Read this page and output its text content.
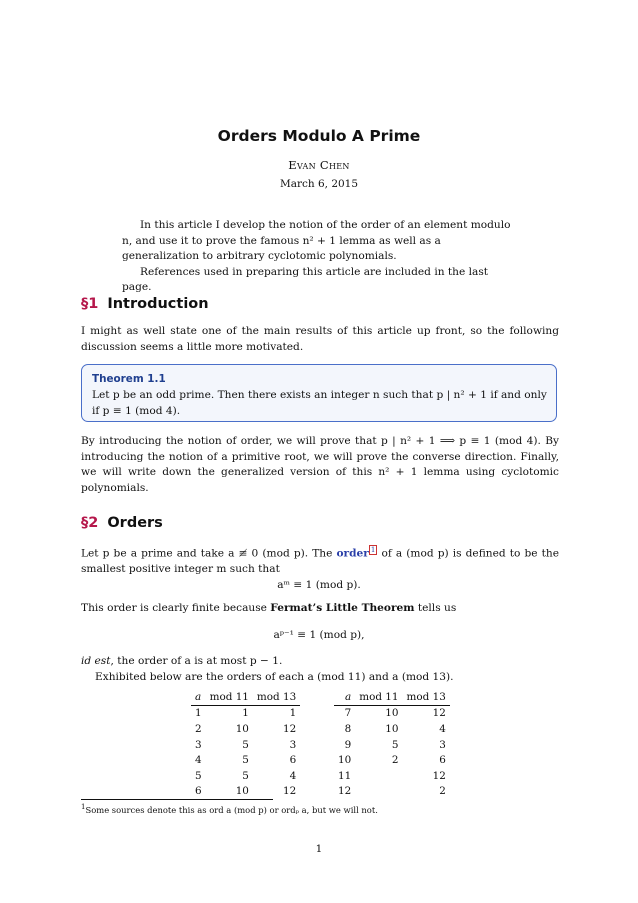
Orders Modulo A Prime
Evan Chen
March 6, 2015

In this article I develop the notion of the order of an element modulo n, and use it to prove the famous n² + 1 lemma as well as a generalization to arbitrary cyclotomic polynomials.

References used in preparing this article are included in the last page.

§1 Introduction

I might as well state one of the main results of this article up front, so the following discussion seems a little more motivated.

Theorem 1.1
Let p be an odd prime. Then there exists an integer n such that p | n² + 1 if and only if p ≡ 1 (mod 4).

By introducing the notion of order, we will prove that p | n² + 1 ⟹ p ≡ 1 (mod 4). By introducing the notion of a primitive root, we will prove the converse direction. Finally, we will write down the generalized version of this n² + 1 lemma using cyclotomic polynomials.

§2 Orders

Let p be a prime and take a ≢ 0 (mod p). The order $^1$ of a (mod p) is defined to be the smallest positive integer m such that

aᵐ ≡ 1 (mod p).

This order is clearly finite because Fermat’s Little Theorem tells us

aᵖ⁻¹ ≡ 1 (mod p),

id est, the order of a is at most p − 1.

Exhibited below are the orders of each a (mod 11) and a (mod 13).

a	mod 11	mod 13
1	1	1
2	10	12
3	5	3
4	5	6
5	5	4
6	10	12
a	mod 11	mod 13
7	10	12
8	10	4
9	5	3
10	2	6
11		12
12		2
$^1$Some sources denote this as ord a (mod p) or ordₚ a, but we will not.
1
